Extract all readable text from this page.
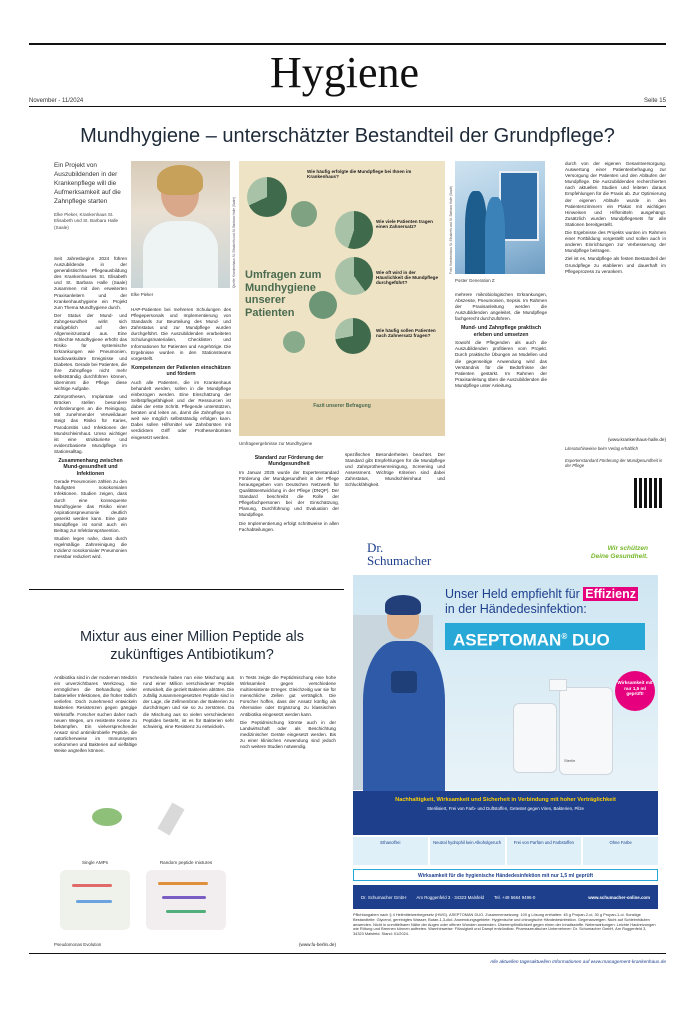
Hygiene
November - 11/2024	Seite 15
Mundhygiene – unterschätzter Bestandteil der Grundpflege?
Ein Projekt von Auszubildenden in der Krankenpflege will die Aufmerksamkeit auf die Zahnpflege starten
Elke Pieker, Krankenhaus St. Elisabeth und St. Barbara Halle (Saale)

Seit Jahresbeginn 2024 führen Auszubildende in der generalistischen Pflegeausbildung des Krankenhauses St. Elisabeth und St. Barbara Halle (Saale) zusammen mit den erweiterten Praxisanleitern und der Krankenhaushygiene ein Projekt zum Thema Mundhygiene durch.

Der Status der Mund- und Zahngesundheit wirkt sich maßgeblich auf den Allgemeinzustand aus. Eine schlechte Mundhygiene erhöht das Risiko für systemische Erkrankungen wie Pneumonien, kardiovaskuläre Ereignisse und Diabetes. Gerade bei Patienten, die ihre Zahnpflege nicht mehr selbstständig durchführen können, übernimmt die Pflege diese wichtige Aufgabe.

Zahnprothesen, Implantate und Brücken stellen besondere Anforderungen an die Reinigung. Mit zunehmender Verweildauer steigt das Risiko für Karies, Parodontitis und Infektionen der Mundschleimhaut. Umso wichtiger ist eine strukturierte und evidenzbasierte Mundpflege im Stationsalltag.

Zusammenhang zwischen Mund-gesundheit und Infektionen

Gerade Pneumonien zählen zu den häufigsten nosokomialen Infektionen. Studien zeigen, dass durch eine konsequente Mundhygiene das Risiko einer Aspirationspneumonie deutlich gesenkt werden kann. Eine gute Mundpflege ist somit auch ein Beitrag zur Infektionsprävention.

Studien legen nahe, dass durch regelmäßige Zahnreinigung die Inzidenz nosokomialer Pneumonien messbar reduziert wird.

Elke Pieker
Quelle: Krankenhaus St. Elisabeth und St. Barbara Halle (Saale)

HAP-Patienten bei mehreren Schulungen des Pflegepersonals und Implementierung von Standards zur Beurteilung des Mund- und Zahnstatus und zur Mundpflege wurden durchgeführt. Die Auszubildenden erarbeiteten Schulungsmaterialien, Checklisten und Informationen für Patienten und Angehörige. Die Ergebnisse wurden in den Stationsteams vorgestellt.

Kompetenzen der Patienten einschätzen und fördern

Auch alle Patienten, die im Krankenhaus behandelt werden, sollen in die Mundpflege einbezogen werden. Eine Einschätzung der Selbstpflegefähigkeit und der Ressourcen ist dabei der erste Schritt. Pflegende unterstützen, beraten und leiten an, damit die Zahnpflege so weit wie möglich selbstständig erfolgen kann. Dabei sollen Hilfsmittel wie Zahnbürsten mit verdicktem Griff oder Prothesenbürsten eingesetzt werden.

Umfragen zum Mundhygiene unserer Patienten
Wie häufig erfolgte die Mundpflege bei Ihnen im Krankenhaus?
Wie viele Patienten tragen einen Zahnersatz?
Wie oft wird in der Häuslichkeit die Mundpflege durchgeführt?
Wie häufig sollen Patienten nach Zahnersatz fragen?
Fazit unserer Befragung
Umfrageergebnisse zur Mundhygiene
Standard zur Förderung der Mundgesundheit

Im Januar 2025 wurde der Expertenstandard Förderung der Mundgesundheit in der Pflege herausgegeben vom Deutschen Netzwerk für Qualitätsentwicklung in der Pflege (DNQP). Der Standard beschreibt die Rolle der Pflegefachpersonen bei der Einschätzung, Planung, Durchführung und Evaluation der Mundpflege.

Die Implementierung erfolgt schrittweise in allen Fachabteilungen.

spezifischen Besonderheiten beachtet. Der Standard gibt Empfehlungen für die Mundpflege und Zahnprothesenreinigung, Screening und Assessment. Wichtige Kriterien sind dabei Zahnstatus, Mundschleimhaut und Schluckfähigkeit.

Poster Generation Z
Foto: Krankenhaus St. Elisabeth und St. Barbara Halle (Saale)

mehrere mikrobiologischen Erkrankungen, Abszesse, Pneumonien, Sepsis. Im Rahmen der Praxisanleitung werden die Auszubildenden angeleitet, die Mundpflege fachgerecht durchzuführen.

Mund- und Zahnpflege praktisch erleben und umsetzen

Sowohl die Pflegenden als auch die Auszubildenden profitieren vom Projekt. Durch praktische Übungen an Modellen und die gegenseitige Anwendung wird das Verständnis für die Bedürfnisse der Patienten gestärkt. Im Rahmen der Praxisanleitung üben die Auszubildenden die Mundpflege unter Anleitung.

durch von der eigenen Gesamtversorgung. Auswertung einer Patientenbefragung zur Versorgung der Patienten und den Abläufen der Mundpflege. Die Auszubildenden recherchierten nach aktuellen Studien und leiteten daraus Empfehlungen für die Praxis ab. Zur Optimierung der eigenen Abläufe wurde in den Patientenzimmern ein Plakat mit wichtigen Hinweisen und Hilfsmitteln ausgehängt. Zusätzlich wurden Mundpflegesets für alle Stationen bereitgestellt.

Die Ergebnisse des Projekts wurden im Rahmen einer Fortbildung vorgestellt und sollen auch in anderen Einrichtungen zur Verbesserung der Mundpflege beitragen.

Ziel ist es, Mundpflege als festen Bestandteil der Grundpflege zu etablieren und dauerhaft im Pflegeprozess zu verankern.

(www.krankenhaus-halle.de)
Literaturhinweise beim Verlag erhältlich
Expertenstandard Förderung der Mundgesundheit in der Pflege
Mixtur aus einer Million Peptide als zukünftiges Antibiotikum?

Antibiotika sind in der modernen Medizin ein unverzichtbares Werkzeug. Sie ermöglichen die Behandlung vieler bakterieller Infektionen, die früher tödlich verliefen. Doch zunehmend entwickeln Bakterien Resistenzen gegen gängige Wirkstoffe. Forscher suchen daher nach neuen Wegen, um resistente Keime zu bekämpfen. Ein vielversprechender Ansatz sind antimikrobielle Peptide, die natürlicherweise im Immunsystem vorkommen und Bakterien auf vielfältige Weise angreifen können.

Forschende haben nun eine Mischung aus rund einer Million verschiedener Peptide entwickelt, die gezielt Bakterien abtöten. Die zufällig zusammengesetzten Peptide sind in der Lage, die Zellmembran der Bakterien zu durchdringen und sie so zu zerstören. Da die Mischung aus so vielen verschiedenen Peptiden besteht, ist es für Bakterien sehr schwierig, eine Resistenz zu entwickeln.

In Tests zeigte die Peptidmischung eine hohe Wirksamkeit gegen verschiedene multiresistente Erreger. Gleichzeitig war sie für menschliche Zellen gut verträglich. Die Forscher hoffen, dass der Ansatz künftig als Alternative oder Ergänzung zu klassischen Antibiotika eingesetzt werden kann.

Die Peptidmischung könnte auch in der Landwirtschaft oder als Beschichtung medizinischer Geräte eingesetzt werden. Bis zu einer klinischen Anwendung sind jedoch noch weitere Studien notwendig.

Single AMPs	Random peptide mixtures
Pseudomonas Evolution	(www.fu-berlin.de)
Dr.
Schumacher
Wir schützen
Deine Gesundheit.
Sterile
Unser Held empfiehlt für Effizienz
in der Händedesinfektion:
ASEPTOMAN® DUO
Wirksamkeit mit nur 1,5 ml geprüft!
Nachhaltigkeit, Wirksamkeit und Sicherheit in Verbindung mit hoher Verträglichkeit
Sterilisiert, Frei von Farb- und Duftstoffen, Getestet gegen Viren, Bakterien, Pilze
Ethanolfrei	Neutral hydrophil kein Alkoholgeruch	Frei von Parfüm und Farbstoffen	Ohne Farbe
Wirksamkeit für die hygienische Händedesinfektion mit nur 1,5 ml geprüft
Dr. Schumacher GmbH Am Roggenfeld 3 · 34323 Malsfeld Tel. +49 5664 9496-0	www.schumacher-online.com
Pflichtangaben nach § 4 Heilmittelwerbegesetz (HWG). ASEPTOMAN DUO. Zusammensetzung: 100 g Lösung enthalten: 45 g Propan-2-ol, 30 g Propan-1-ol. Sonstige Bestandteile: Glycerol, gereinigtes Wasser, Butan-1,3-diol. Anwendungsgebiete: Hygienische und chirurgische Händedesinfektion. Gegenanzeigen: Nicht auf Schleimhäuten anwenden. Nicht in unmittelbarer Nähe der Augen oder offener Wunden anwenden. Überempfindlichkeit gegen einen der Inhaltsstoffe. Nebenwirkungen: Leichte Hautreizungen wie Rötung und Brennen können auftreten. Warnhinweise: Flüssigkeit und Dampf entzündbar. Pharmazeutischer Unternehmer: Dr. Schumacher GmbH, Am Roggenfeld 3, 34323 Malsfeld. Stand: 01/2024.
Alle aktuellen tagesaktuellen Informationen auf www.management-krankenhaus.de
